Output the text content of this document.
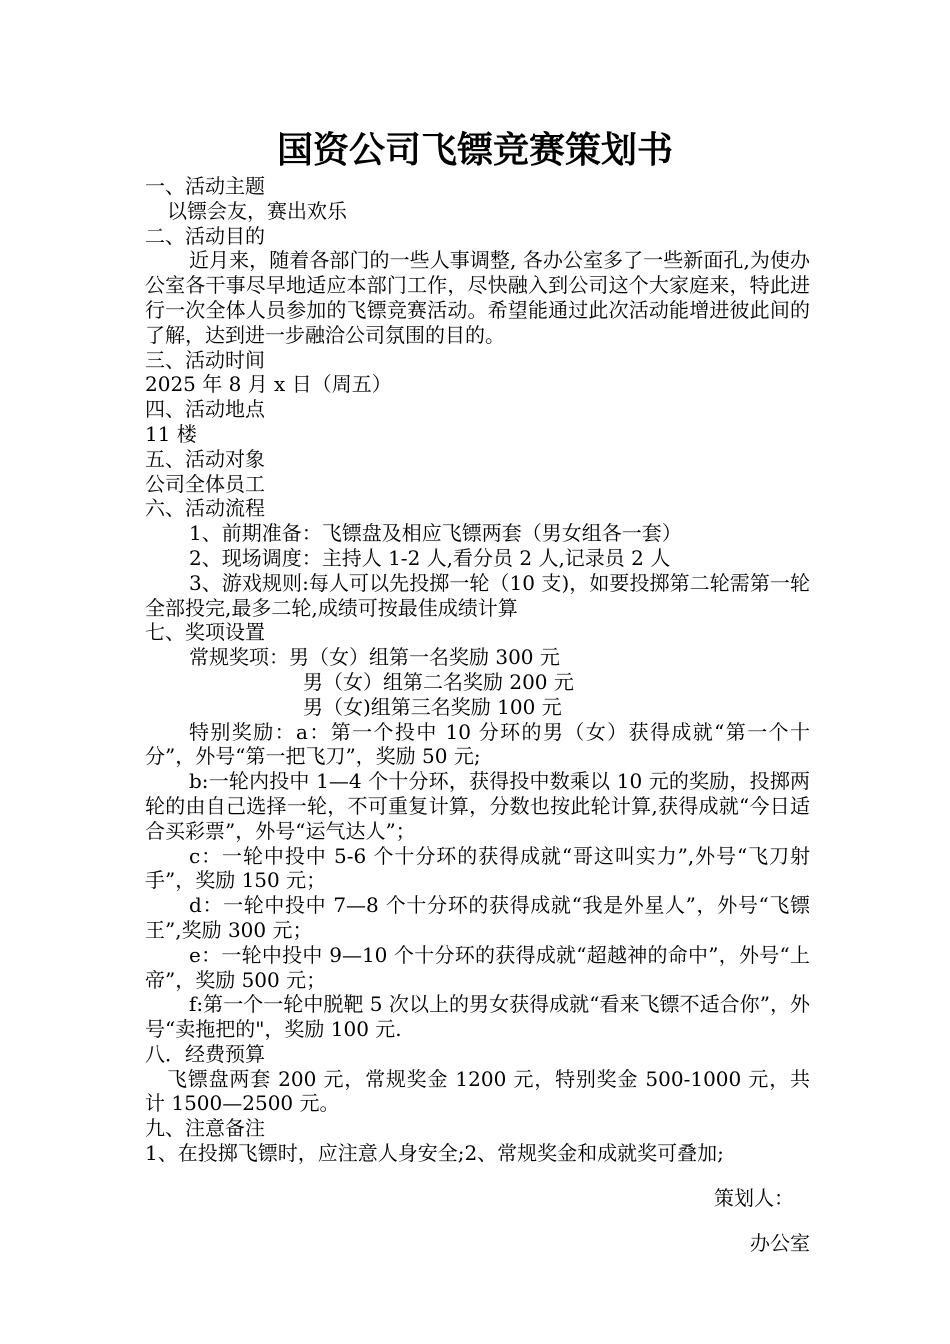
国资公司飞镖竞赛策划书

一、活动主题

以镖会友，赛出欢乐

二、活动目的

近月来，随着各部门的一些人事调整, 各办公室多了一些新面孔,为使办公室各干事尽早地适应本部门工作，尽快融入到公司这个大家庭来，特此进行一次全体人员参加的飞镖竞赛活动。希望能通过此次活动能增进彼此间的了解，达到进一步融洽公司氛围的目的。

三、活动时间

2025 年 8 月 x 日（周五）

四、活动地点

11 楼

五、活动对象

公司全体员工

六、活动流程

1、前期准备：飞镖盘及相应飞镖两套（男女组各一套）

2、现场调度：主持人 1-2 人,看分员 2 人,记录员 2 人

3、游戏规则:每人可以先投掷一轮（10 支)，如要投掷第二轮需第一轮全部投完,最多二轮,成绩可按最佳成绩计算

七、奖项设置

常规奖项：男（女）组第一名奖励 300 元

男（女）组第二名奖励 200 元

男（女)组第三名奖励 100 元

特别奖励：a：第一个投中 10 分环的男（女）获得成就“第一个十分”，外号“第一把飞刀”，奖励 50 元;

b:一轮内投中 1—4 个十分环，获得投中数乘以 10 元的奖励，投掷两轮的由自己选择一轮，不可重复计算，分数也按此轮计算,获得成就“今日适合买彩票”，外号“运气达人”；

c：一轮中投中 5-6 个十分环的获得成就“哥这叫实力”,外号“飞刀射手”，奖励 150 元；

d：一轮中投中 7—8 个十分环的获得成就“我是外星人”，外号“飞镖王”,奖励 300 元；

e：一轮中投中 9—10 个十分环的获得成就“超越神的命中”，外号“上帝”，奖励 500 元；

f:第一个一轮中脱靶 5 次以上的男女获得成就“看来飞镖不适合你”，外号“卖拖把的"，奖励 100 元.

八．经费预算

飞镖盘两套 200 元，常规奖金 1200 元，特别奖金 500-1000 元，共计 1500—2500 元。

九、注意备注

1、在投掷飞镖时，应注意人身安全;2、常规奖金和成就奖可叠加;

策划人：

办公室
